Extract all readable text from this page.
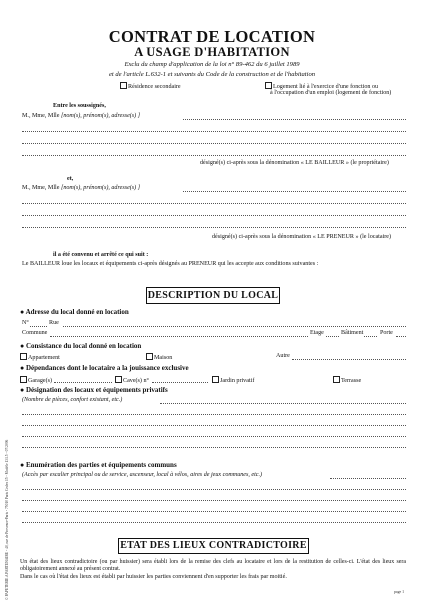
© PAPETERIE A PARTENAIRE - 40, rue de Provence-Paris - 75010 Paris Cedex 15 - Modèle 131.5 - 07/2006
CONTRAT DE LOCATION
A USAGE D'HABITATION
Exclu du champ d'application de la loi n° 89-462 du 6 juillet 1989
et de l'article L.632-1 et suivants du Code de la construction et de l'habitation
Résidence secondaire	Logement lié à l'exercice d'une fonction ou
à l'occupation d'un emploi (logement de fonction)
Entre les soussignés,
M., Mme, Mlle [nom(s), prénom(s), adresse(s) ]
désigné(s) ci-après sous la dénomination « LE BAILLEUR » (le propriétaire)
et,
M., Mme, Mlle [nom(s), prénom(s), adresse(s) ]
désigné(s) ci-après sous la dénomination « LE PRENEUR » (le locataire)
il a été convenu et arrêté ce qui suit :
Le BAILLEUR loue les locaux et équipements ci-après désignés au PRENEUR qui les accepte aux conditions suivantes :
DESCRIPTION DU LOCAL
● Adresse du local donné en location
N°	Rue
Commune	Etage	Bâtiment	Porte
● Consistance du local donné en location
Appartement	Maison	Autre
● Dépendances dont le locataire a la jouissance exclusive
Garage(s)	Cave(s) n°	Jardin privatif	Terrasse
● Désignation des locaux et équipements privatifs
(Nombre de pièces, confort existant, etc.)
● Enumération des parties et équipements communs
(Accès par escalier principal ou de service, ascenseur, local à vélos, aires de jeux communes, etc.)
ETAT DES LIEUX CONTRADICTOIRE
Un état des lieux contradictoire (ou par huissier) sera établi lors de la remise des clefs au locataire et lors de la restitution de celles-ci. L'état des lieux sera obligatoirement annexé au présent contrat.
Dans le cas où l'état des lieux est établi par huissier les parties conviennent d'en supporter les frais par moitié.
page 1
